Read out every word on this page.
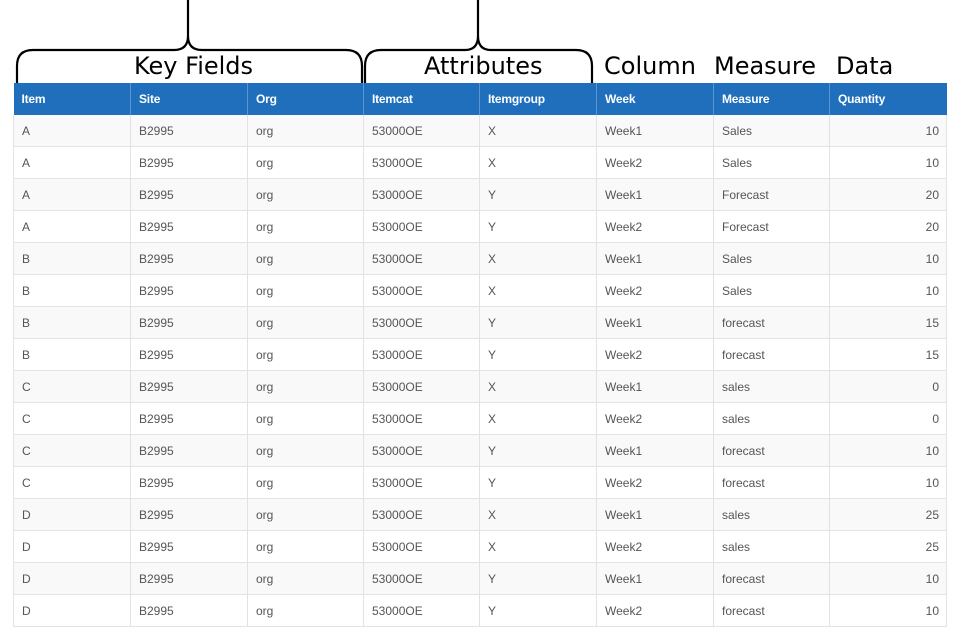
Key Fields	Attributes	Column Measure Data
Item	Site	Org	Itemcat	Itemgroup	Week	Measure	Quantity
A	B2995	org	53000OE	X	Week1	Sales	10
A	B2995	org	53000OE	X	Week2	Sales	10
A	B2995	org	53000OE	Y	Week1	Forecast	20
A	B2995	org	53000OE	Y	Week2	Forecast	20
B	B2995	org	53000OE	X	Week1	Sales	10
B	B2995	org	53000OE	X	Week2	Sales	10
B	B2995	org	53000OE	Y	Week1	forecast	15
B	B2995	org	53000OE	Y	Week2	forecast	15
C	B2995	org	53000OE	X	Week1	sales	0
C	B2995	org	53000OE	X	Week2	sales	0
C	B2995	org	53000OE	Y	Week1	forecast	10
C	B2995	org	53000OE	Y	Week2	forecast	10
D	B2995	org	53000OE	X	Week1	sales	25
D	B2995	org	53000OE	X	Week2	sales	25
D	B2995	org	53000OE	Y	Week1	forecast	10
D	B2995	org	53000OE	Y	Week2	forecast	10
